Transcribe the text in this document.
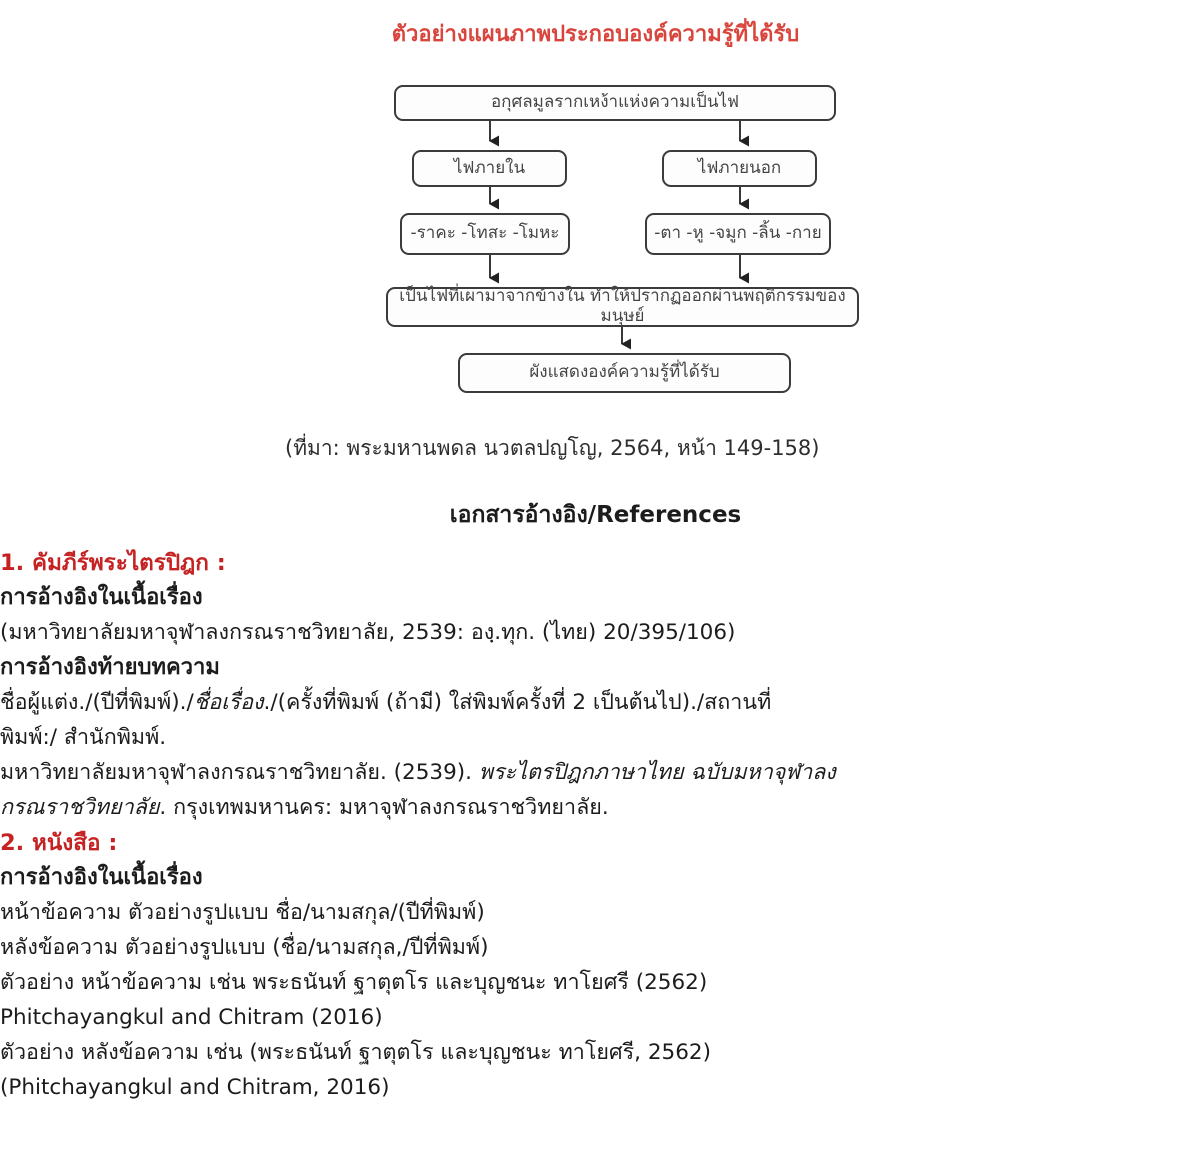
ตัวอย่างแผนภาพประกอบองค์ความรู้ที่ได้รับ
อกุศลมูลรากเหง้าแห่งความเป็นไฟ
ไฟภายใน	ไฟภายนอก
-ราคะ -โทสะ -โมหะ	-ตา -หู -จมูก -ลิ้น -กาย
เป็นไฟที่เผามาจากข้างใน ทำให้ปรากฏออกผ่านพฤติกรรมของมนุษย์
ผังแสดงองค์ความรู้ที่ได้รับ
(ที่มา: พระมหานพดล นวตลปญโญ, 2564, หน้า 149-158)

เอกสารอ้างอิง/References

1. คัมภีร์พระไตรปิฎก :

การอ้างอิงในเนื้อเรื่อง

(มหาวิทยาลัยมหาจุฬาลงกรณราชวิทยาลัย, 2539: องฺ.ทุก. (ไทย) 20/395/106)

การอ้างอิงท้ายบทความ

ชื่อผู้แต่ง./(ปีที่พิมพ์)./ชื่อเรื่อง./(ครั้งที่พิมพ์ (ถ้ามี) ใส่พิมพ์ครั้งที่ 2 เป็นต้นไป)./สถานที่

พิมพ์:/ สำนักพิมพ์.

มหาวิทยาลัยมหาจุฬาลงกรณราชวิทยาลัย. (2539). พระไตรปิฎกภาษาไทย ฉบับมหาจุฬาลง

กรณราชวิทยาลัย. กรุงเทพมหานคร: มหาจุฬาลงกรณราชวิทยาลัย.

2. หนังสือ :

การอ้างอิงในเนื้อเรื่อง

หน้าข้อความ ตัวอย่างรูปแบบ ชื่อ/นามสกุล/(ปีที่พิมพ์)

หลังข้อความ ตัวอย่างรูปแบบ (ชื่อ/นามสกุล,/ปีที่พิมพ์)

ตัวอย่าง หน้าข้อความ เช่น พระธนันท์ ฐาตุตโร และบุญชนะ ทาโยศรี (2562)

Phitchayangkul and Chitram (2016)

ตัวอย่าง หลังข้อความ เช่น (พระธนันท์ ฐาตุตโร และบุญชนะ ทาโยศรี, 2562)

(Phitchayangkul and Chitram, 2016)
